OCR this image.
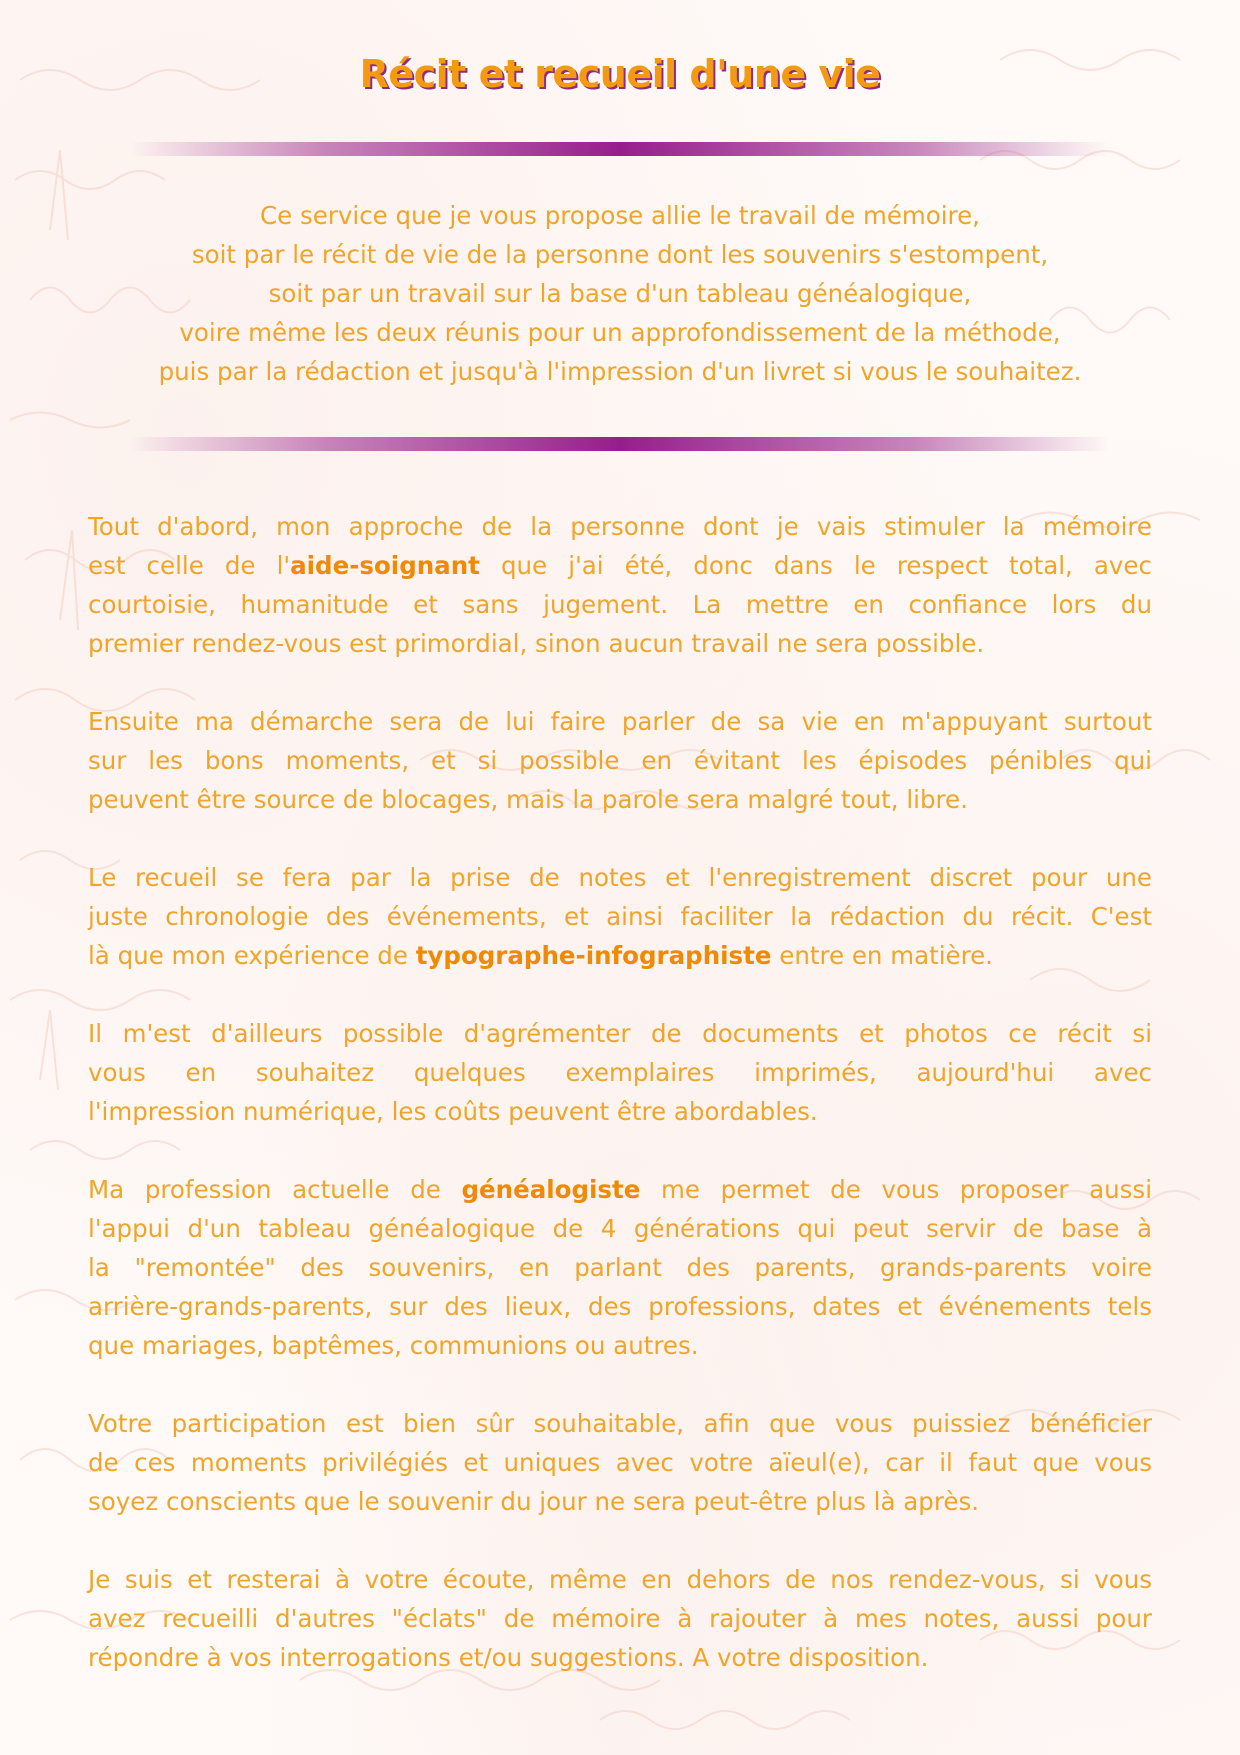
Récit et recueil d'une vie
Ce service que je vous propose allie le travail de mémoire,
soit par le récit de vie de la personne dont les souvenirs s'estompent,
soit par un travail sur la base d'un tableau généalogique,
voire même les deux réunis pour un approfondissement de la méthode,
puis par la rédaction et jusqu'à l'impression d'un livret si vous le souhaitez.
Tout d'abord, mon approche de la personne dont je vais stimuler la mémoire
est celle de l'aide-soignant que j'ai été, donc dans le respect total, avec
courtoisie, humanitude et sans jugement. La mettre en confiance lors du
premier rendez-vous est primordial, sinon aucun travail ne sera possible.
Ensuite ma démarche sera de lui faire parler de sa vie en m'appuyant surtout
sur les bons moments, et si possible en évitant les épisodes pénibles qui
peuvent être source de blocages, mais la parole sera malgré tout, libre.
Le recueil se fera par la prise de notes et l'enregistrement discret pour une
juste chronologie des événements, et ainsi faciliter la rédaction du récit. C'est
là que mon expérience de typographe-infographiste entre en matière.
Il m'est d'ailleurs possible d'agrémenter de documents et photos ce récit si
vous en souhaitez quelques exemplaires imprimés, aujourd'hui avec
l'impression numérique, les coûts peuvent être abordables.
Ma profession actuelle de généalogiste me permet de vous proposer aussi
l'appui d'un tableau généalogique de 4 générations qui peut servir de base à
la "remontée" des souvenirs, en parlant des parents, grands-parents voire
arrière-grands-parents, sur des lieux, des professions, dates et événements tels
que mariages, baptêmes, communions ou autres.
Votre participation est bien sûr souhaitable, afin que vous puissiez bénéficier
de ces moments privilégiés et uniques avec votre aïeul(e), car il faut que vous
soyez conscients que le souvenir du jour ne sera peut-être plus là après.
Je suis et resterai à votre écoute, même en dehors de nos rendez-vous, si vous
avez recueilli d'autres "éclats" de mémoire à rajouter à mes notes, aussi pour
répondre à vos interrogations et/ou suggestions. A votre disposition.
